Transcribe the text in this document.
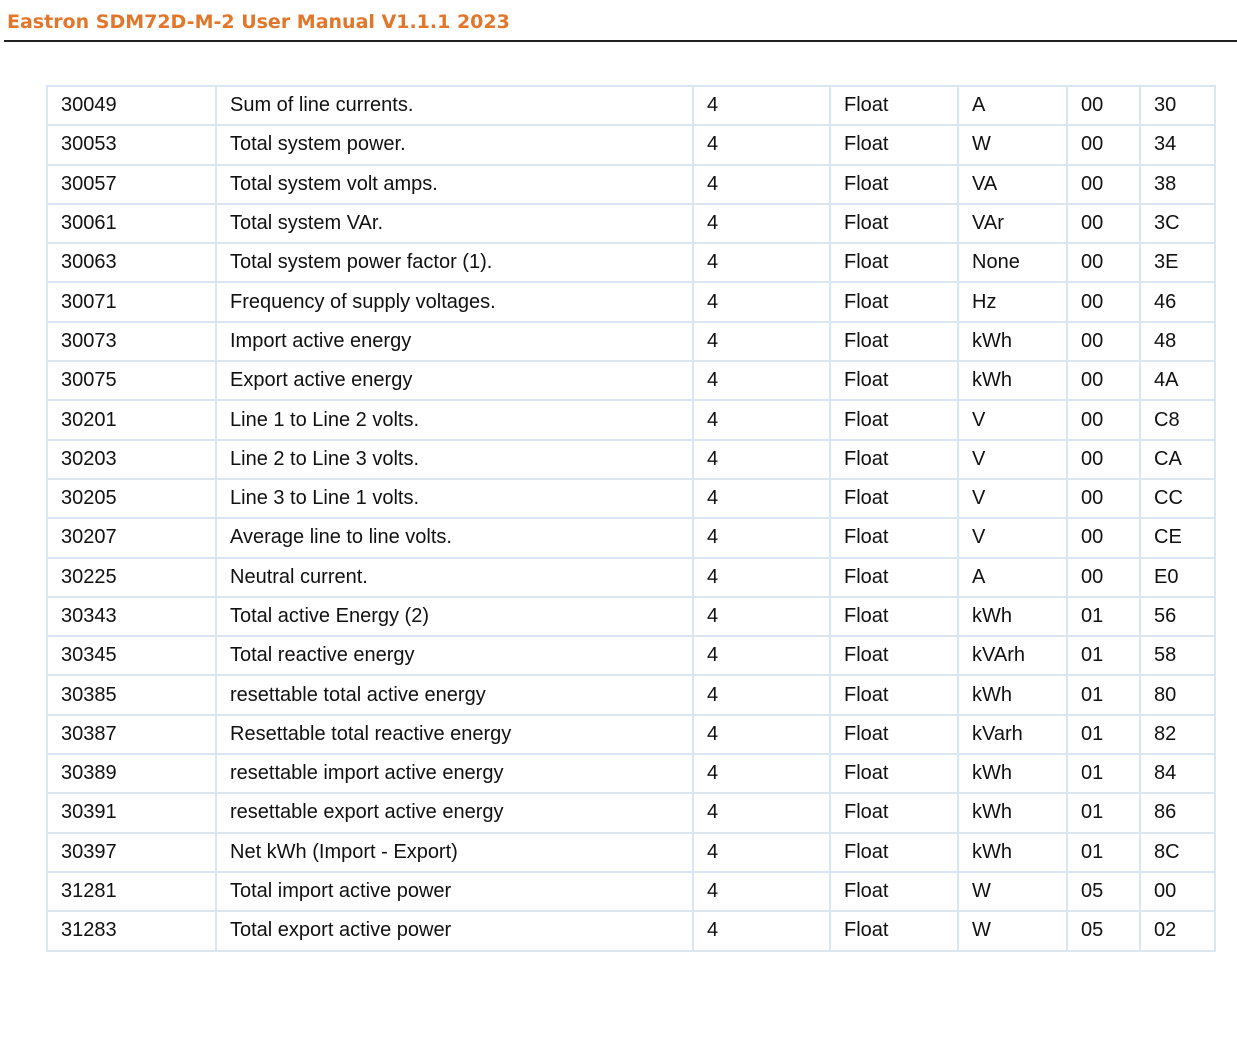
Eastron SDM72D-M-2 User Manual V1.1.1 2023
30049	Sum of line currents.	4	Float	A	00	30
30053	Total system power.	4	Float	W	00	34
30057	Total system volt amps.	4	Float	VA	00	38
30061	Total system VAr.	4	Float	VAr	00	3C
30063	Total system power factor (1).	4	Float	None	00	3E
30071	Frequency of supply voltages.	4	Float	Hz	00	46
30073	Import active energy	4	Float	kWh	00	48
30075	Export active energy	4	Float	kWh	00	4A
30201	Line 1 to Line 2 volts.	4	Float	V	00	C8
30203	Line 2 to Line 3 volts.	4	Float	V	00	CA
30205	Line 3 to Line 1 volts.	4	Float	V	00	CC
30207	Average line to line volts.	4	Float	V	00	CE
30225	Neutral current.	4	Float	A	00	E0
30343	Total active Energy (2)	4	Float	kWh	01	56
30345	Total reactive energy	4	Float	kVArh	01	58
30385	resettable total active energy	4	Float	kWh	01	80
30387	Resettable total reactive energy	4	Float	kVarh	01	82
30389	resettable import active energy	4	Float	kWh	01	84
30391	resettable export active energy	4	Float	kWh	01	86
30397	Net kWh (Import - Export)	4	Float	kWh	01	8C
31281	Total import active power	4	Float	W	05	00
31283	Total export active power	4	Float	W	05	02
